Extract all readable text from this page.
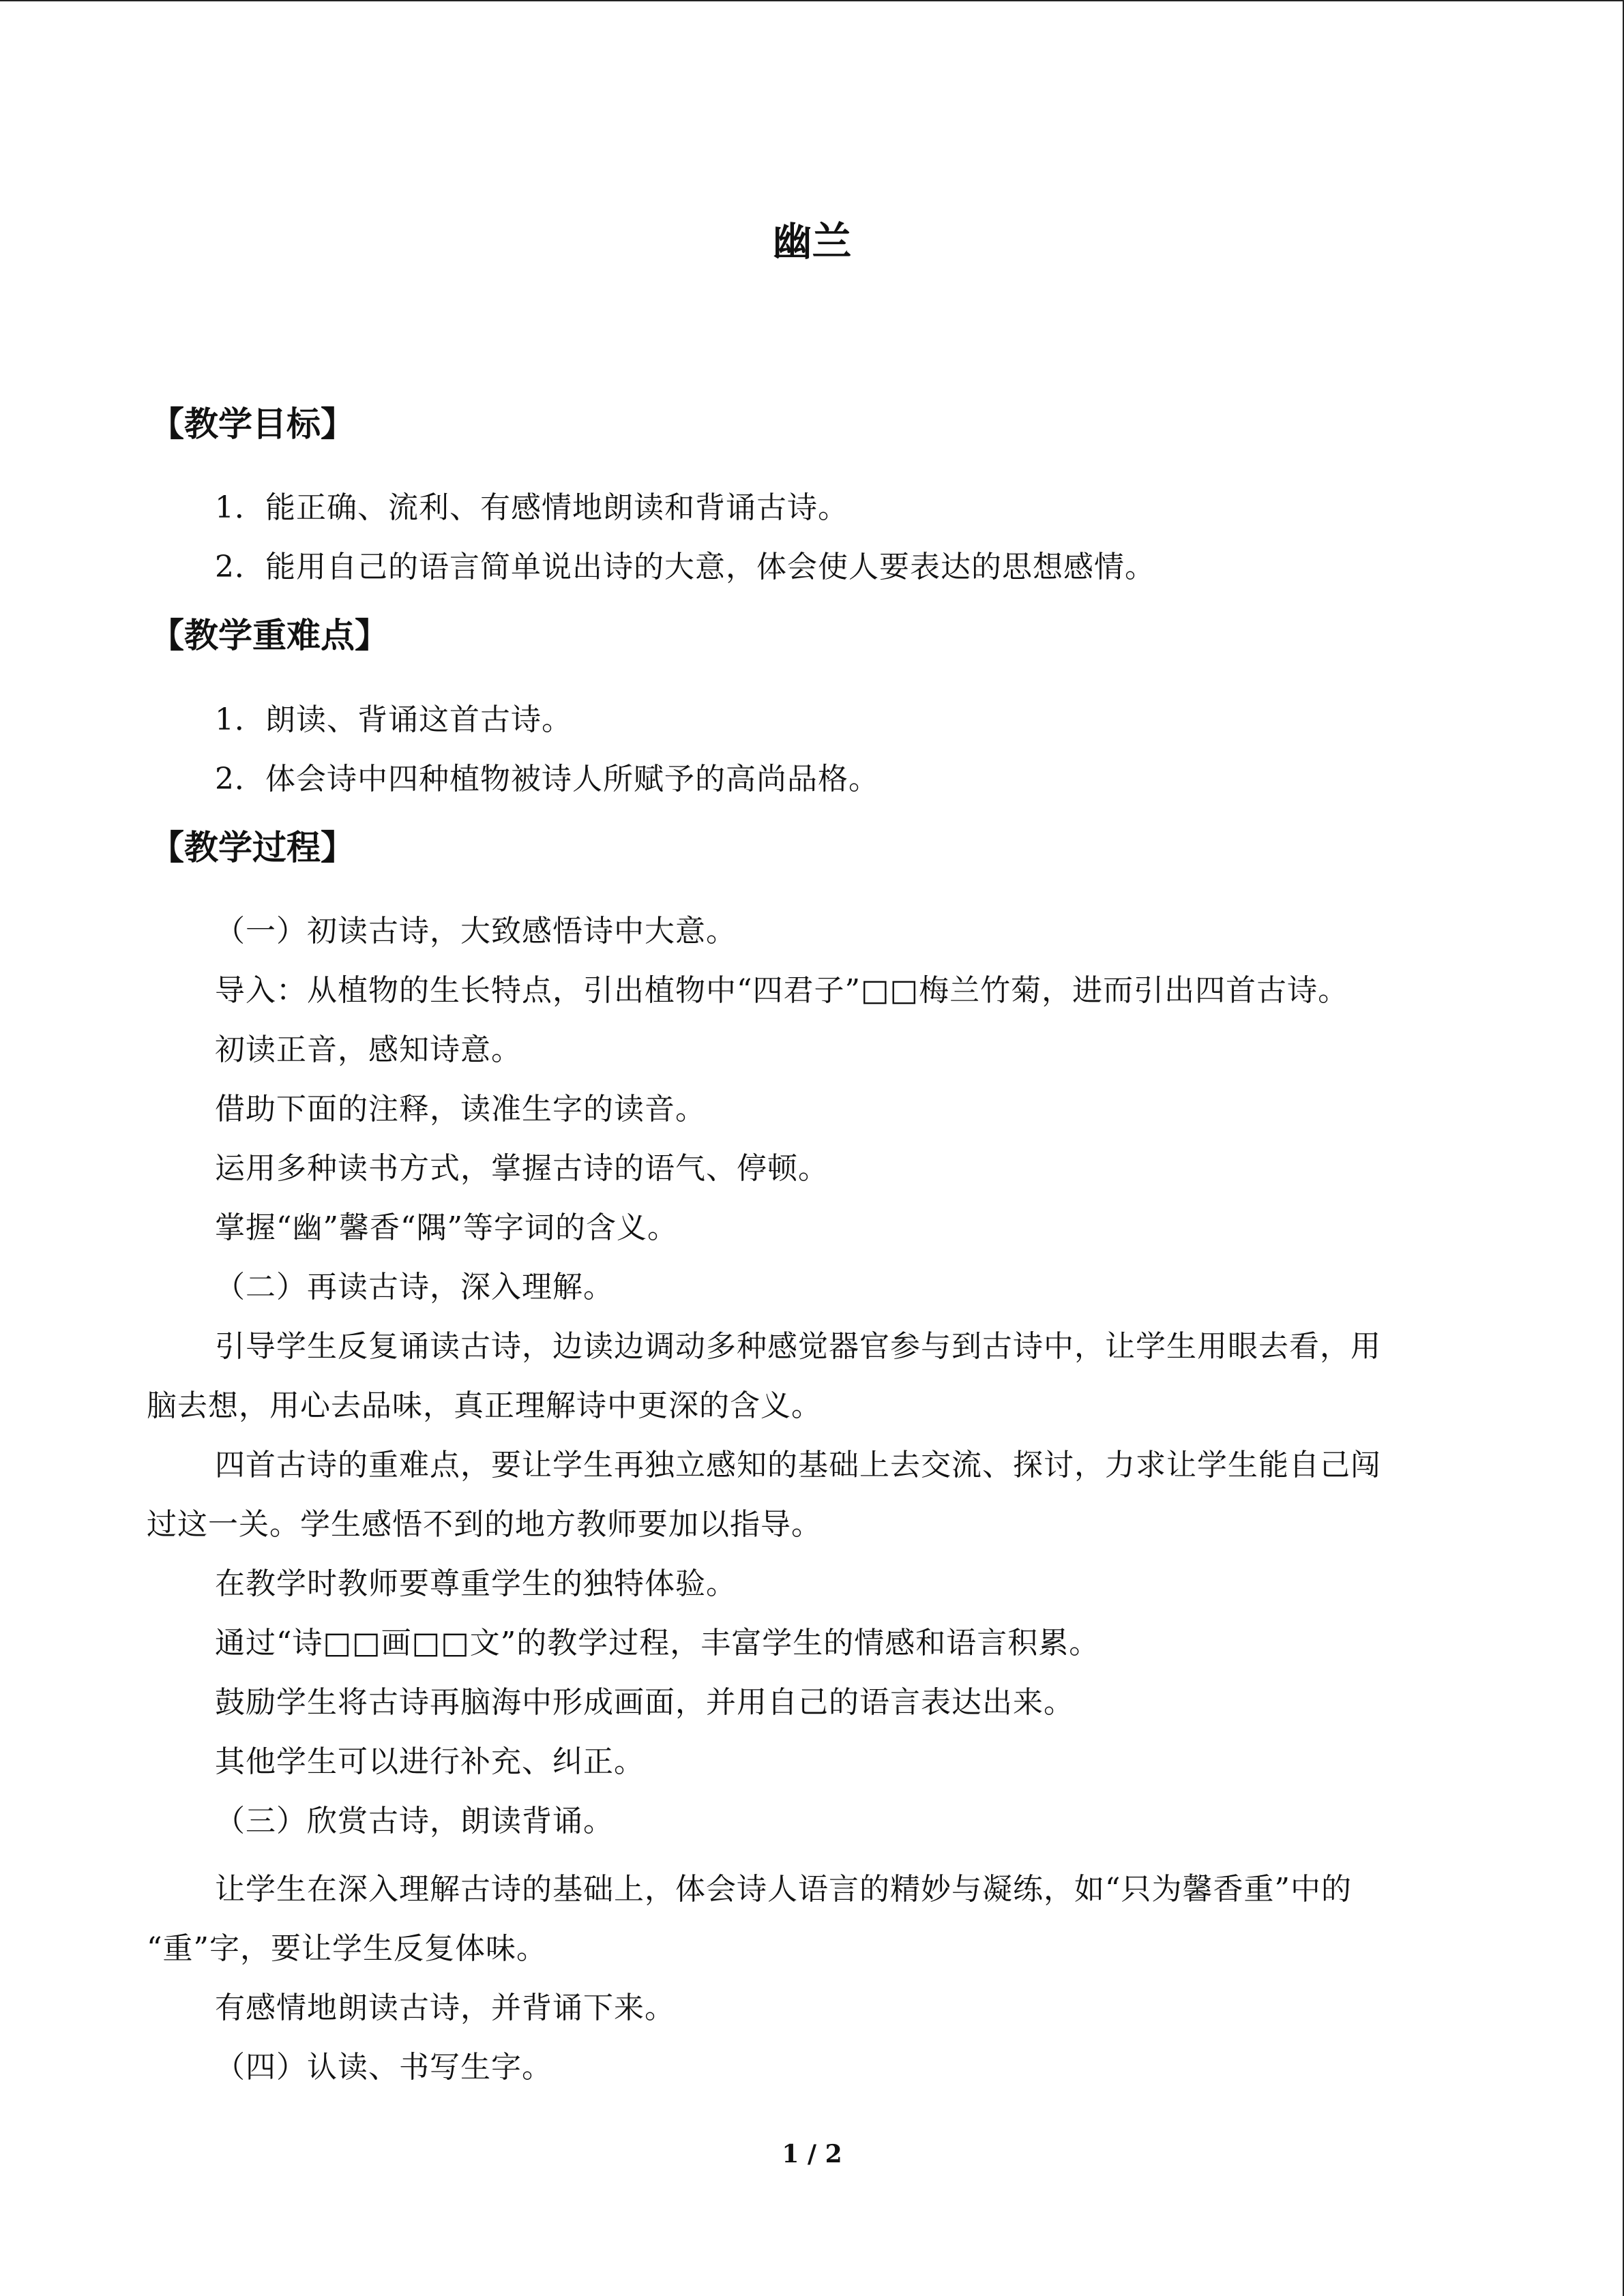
幽兰
【教学目标】
1．能正确、流利、有感情地朗读和背诵古诗。
2．能用自己的语言简单说出诗的大意，体会使人要表达的思想感情。
【教学重难点】
1．朗读、背诵这首古诗。
2．体会诗中四种植物被诗人所赋予的高尚品格。
【教学过程】
（一）初读古诗，大致感悟诗中大意。
导入：从植物的生长特点，引出植物中“四君子”□□梅兰竹菊，进而引出四首古诗。
初读正音，感知诗意。
借助下面的注释，读准生字的读音。
运用多种读书方式，掌握古诗的语气、停顿。
掌握“幽”馨香“隅”等字词的含义。
（二）再读古诗，深入理解。
引导学生反复诵读古诗，边读边调动多种感觉器官参与到古诗中，让学生用眼去看，用
脑去想，用心去品味，真正理解诗中更深的含义。
四首古诗的重难点，要让学生再独立感知的基础上去交流、探讨，力求让学生能自己闯
过这一关。学生感悟不到的地方教师要加以指导。
在教学时教师要尊重学生的独特体验。
通过“诗□□画□□文”的教学过程，丰富学生的情感和语言积累。
鼓励学生将古诗再脑海中形成画面，并用自己的语言表达出来。
其他学生可以进行补充、纠正。
（三）欣赏古诗，朗读背诵。
让学生在深入理解古诗的基础上，体会诗人语言的精妙与凝练，如“只为馨香重”中的
“重”字，要让学生反复体味。
有感情地朗读古诗，并背诵下来。
（四）认读、书写生字。
1 / 2
